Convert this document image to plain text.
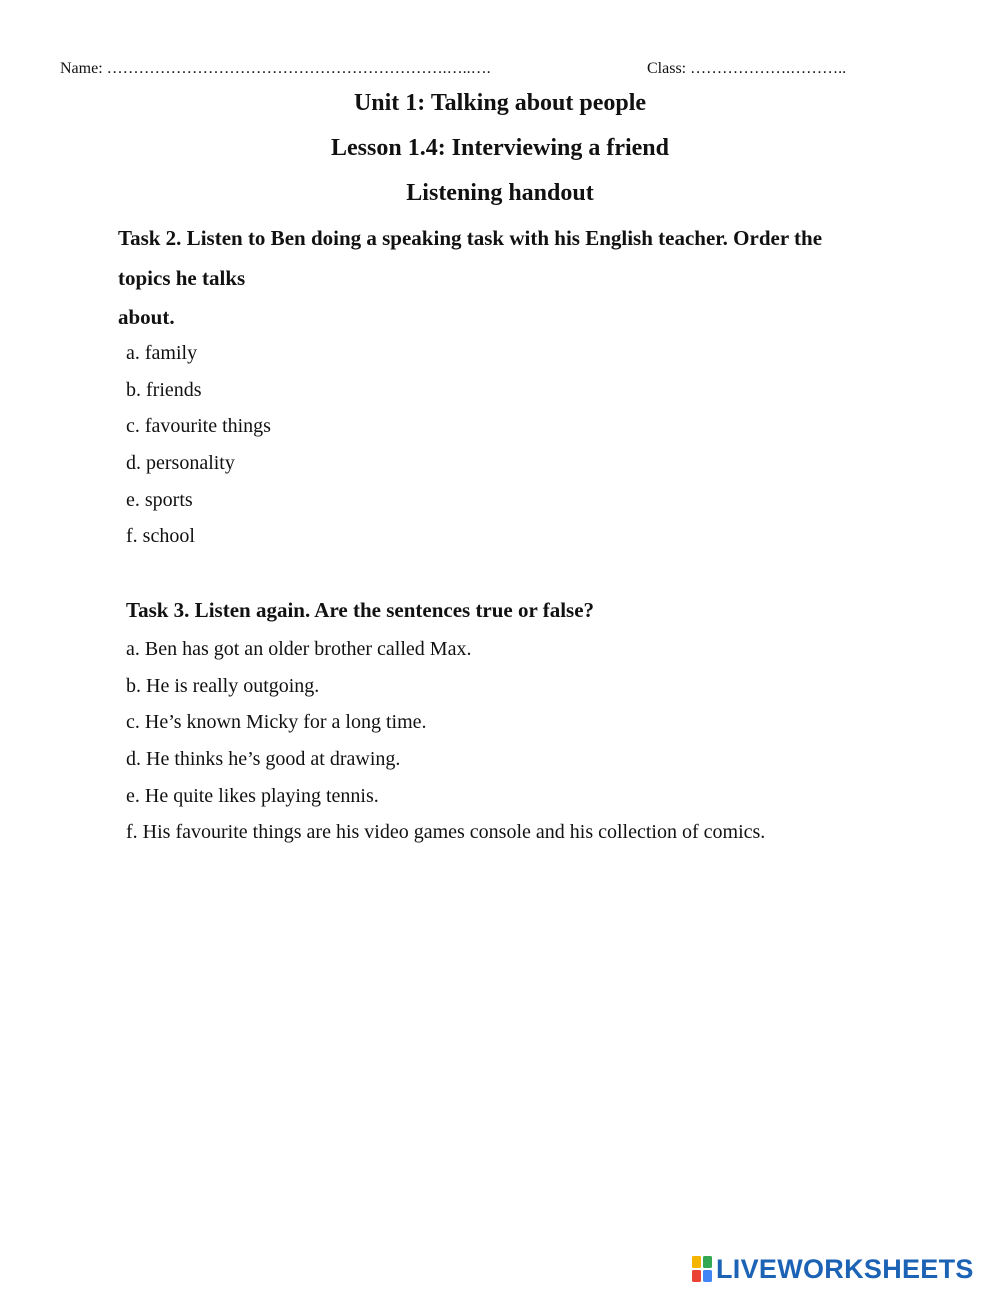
Name: ……………………………………………………….…..….	Class: ……………….………..
Unit 1: Talking about people
Lesson 1.4: Interviewing a friend
Listening handout
Task 2. Listen to Ben doing a speaking task with his English teacher. Order the
topics he talks
about.
a. family
b. friends
c. favourite things
d. personality
e. sports
f. school
Task 3. Listen again. Are the sentences true or false?
a. Ben has got an older brother called Max.
b. He is really outgoing.
c. He’s known Micky for a long time.
d. He thinks he’s good at drawing.
e. He quite likes playing tennis.
f. His favourite things are his video games console and his collection of comics.
LIVEWORKSHEETS
